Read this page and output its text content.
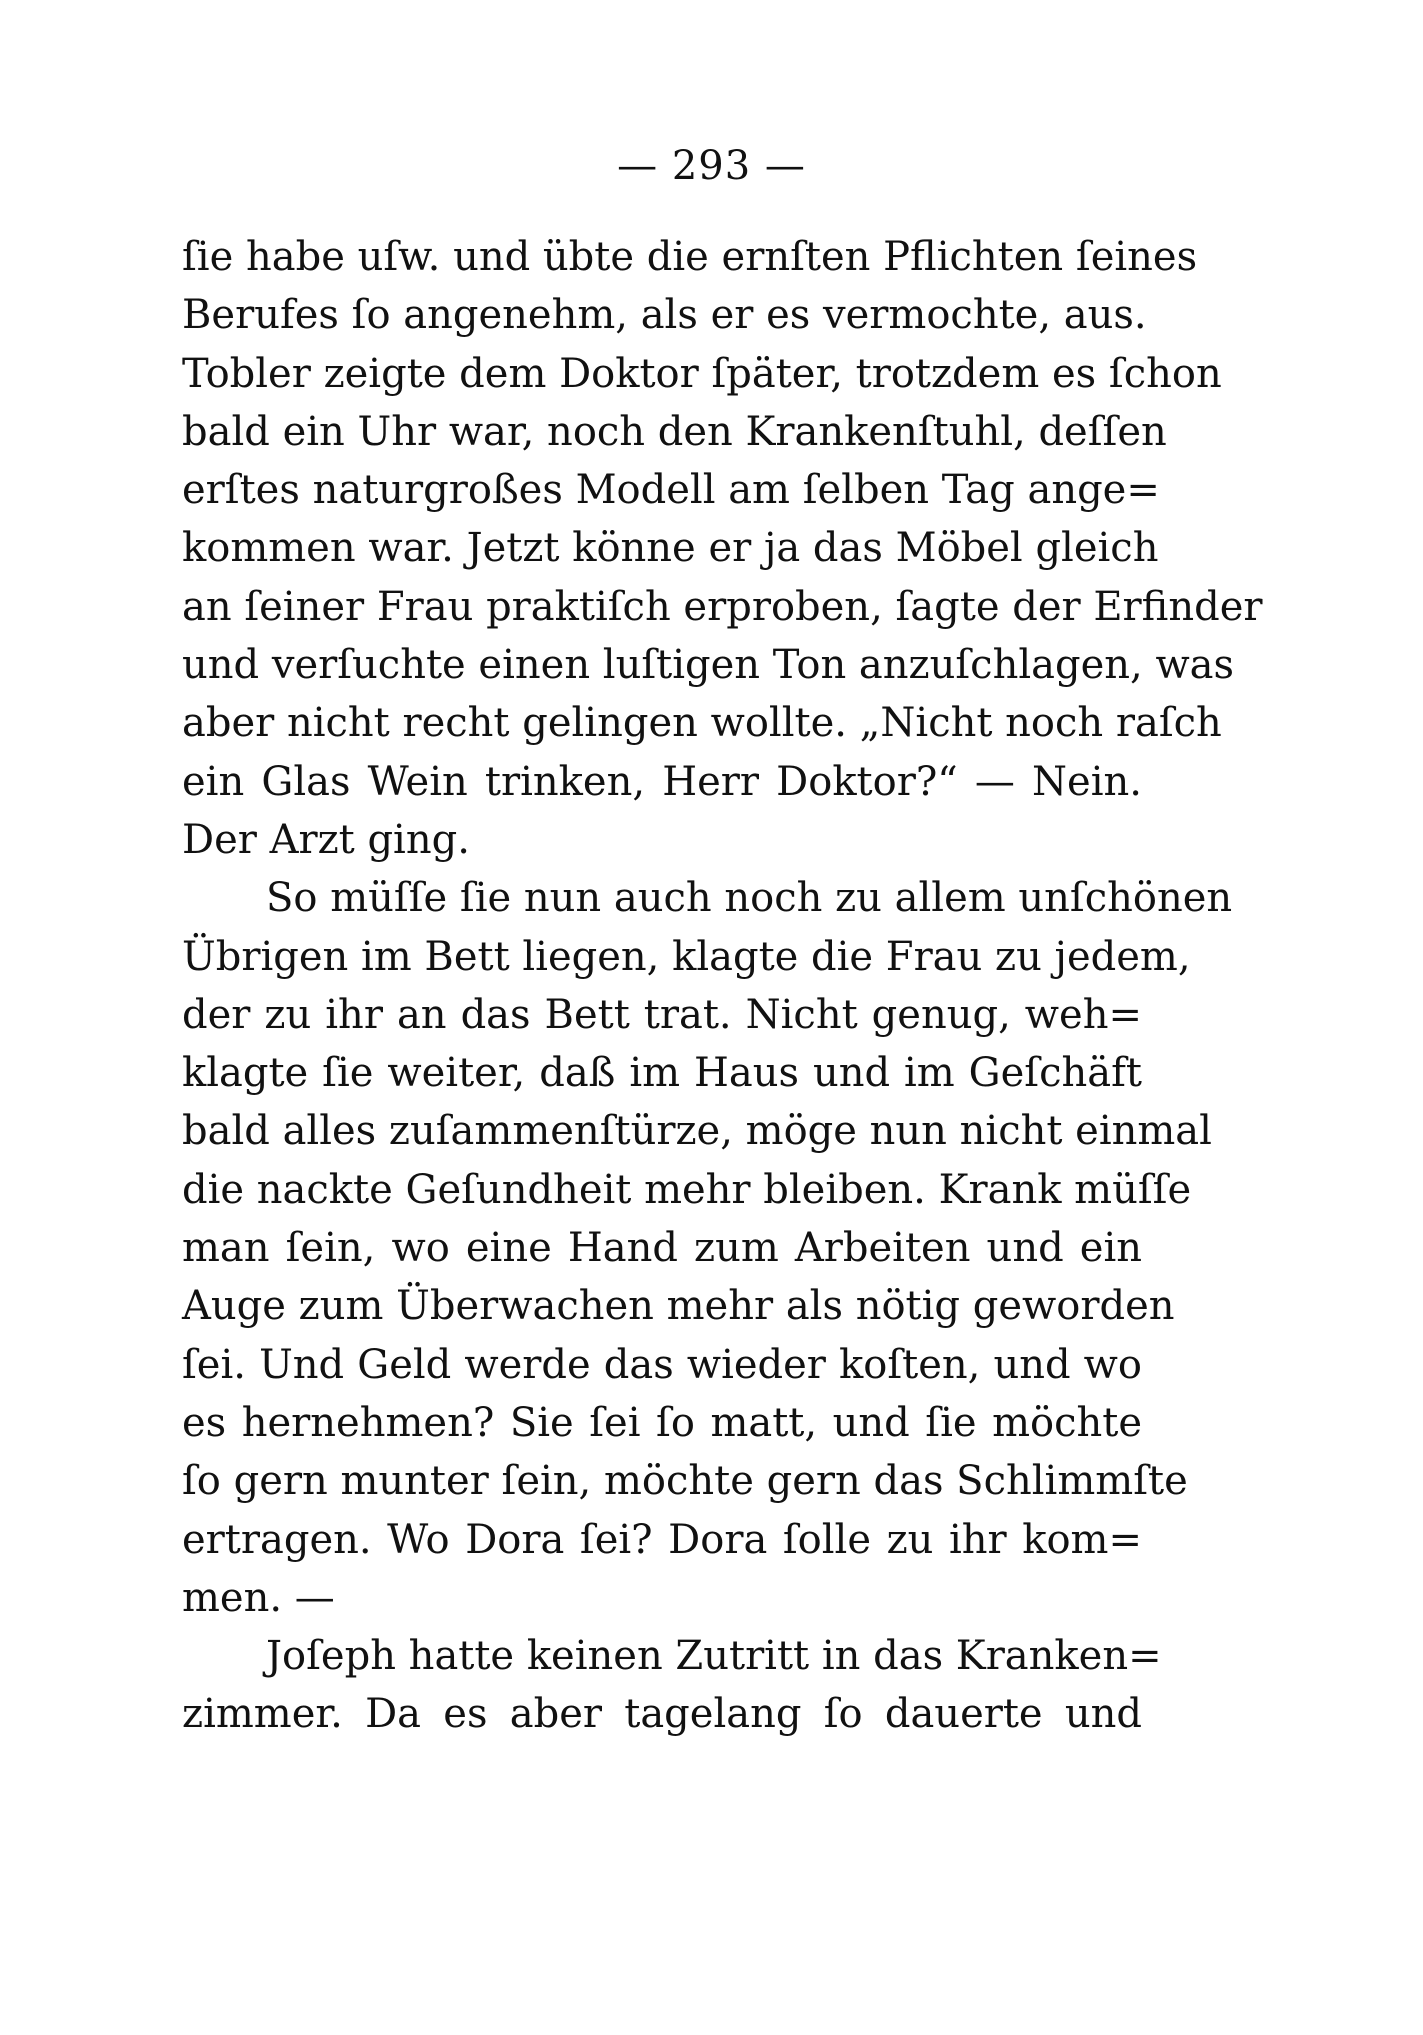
— 293 —
ſie habe uſw. und übte die ernſten Pflichten ſeines
Berufes ſo angenehm, als er es vermochte, aus.
Tobler zeigte dem Doktor ſpäter, trotzdem es ſchon
bald ein Uhr war, noch den Krankenſtuhl, deſſen
erſtes naturgroßes Modell am ſelben Tag ange=
kommen war. Jetzt könne er ja das Möbel gleich
an ſeiner Frau praktiſch erproben, ſagte der Erfinder
und verſuchte einen luſtigen Ton anzuſchlagen, was
aber nicht recht gelingen wollte. „Nicht noch raſch
ein Glas Wein trinken, Herr Doktor?“ — Nein.
Der Arzt ging.
So müſſe ſie nun auch noch zu allem unſchönen
Übrigen im Bett liegen, klagte die Frau zu jedem,
der zu ihr an das Bett trat. Nicht genug, weh=
klagte ſie weiter, daß im Haus und im Geſchäft
bald alles zuſammenſtürze, möge nun nicht einmal
die nackte Geſundheit mehr bleiben. Krank müſſe
man ſein, wo eine Hand zum Arbeiten und ein
Auge zum Überwachen mehr als nötig geworden
ſei. Und Geld werde das wieder koſten, und wo
es hernehmen? Sie ſei ſo matt, und ſie möchte
ſo gern munter ſein, möchte gern das Schlimmſte
ertragen. Wo Dora ſei? Dora ſolle zu ihr kom=
men. —
Joſeph hatte keinen Zutritt in das Kranken=
zimmer. Da es aber tagelang ſo dauerte und
